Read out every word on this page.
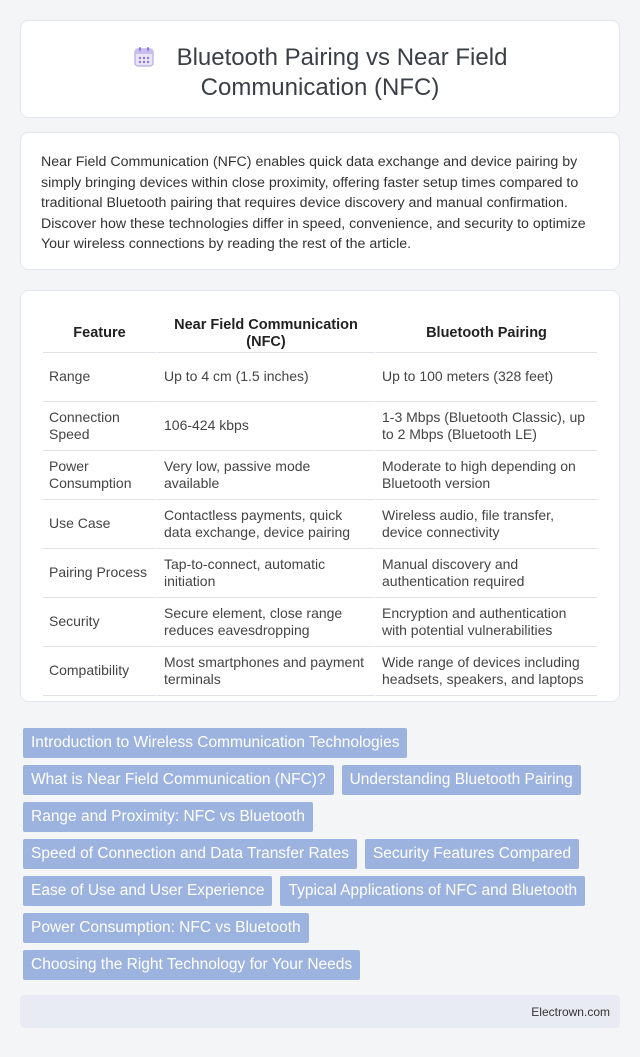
Bluetooth Pairing vs Near Field Communication (NFC)

Near Field Communication (NFC) enables quick data exchange and device pairing by simply bringing devices within close proximity, offering faster setup times compared to traditional Bluetooth pairing that requires device discovery and manual confirmation. Discover how these technologies differ in speed, convenience, and security to optimize Your wireless connections by reading the rest of the article.

Feature	Near Field Communication (NFC)	Bluetooth Pairing
Range	Up to 4 cm (1.5 inches)	Up to 100 meters (328 feet)
Connection Speed	106-424 kbps	1-3 Mbps (Bluetooth Classic), up to 2 Mbps (Bluetooth LE)
Power Consumption	Very low, passive mode available	Moderate to high depending on Bluetooth version
Use Case	Contactless payments, quick data exchange, device pairing	Wireless audio, file transfer, device connectivity
Pairing Process	Tap-to-connect, automatic initiation	Manual discovery and authentication required
Security	Secure element, close range reduces eavesdropping	Encryption and authentication with potential vulnerabilities
Compatibility	Most smartphones and payment terminals	Wide range of devices including headsets, speakers, and laptops
Introduction to Wireless Communication Technologies
What is Near Field Communication (NFC)?	Understanding Bluetooth Pairing
Range and Proximity: NFC vs Bluetooth
Speed of Connection and Data Transfer Rates	Security Features Compared
Ease of Use and User Experience	Typical Applications of NFC and Bluetooth
Power Consumption: NFC vs Bluetooth
Choosing the Right Technology for Your Needs
Electrown.com
